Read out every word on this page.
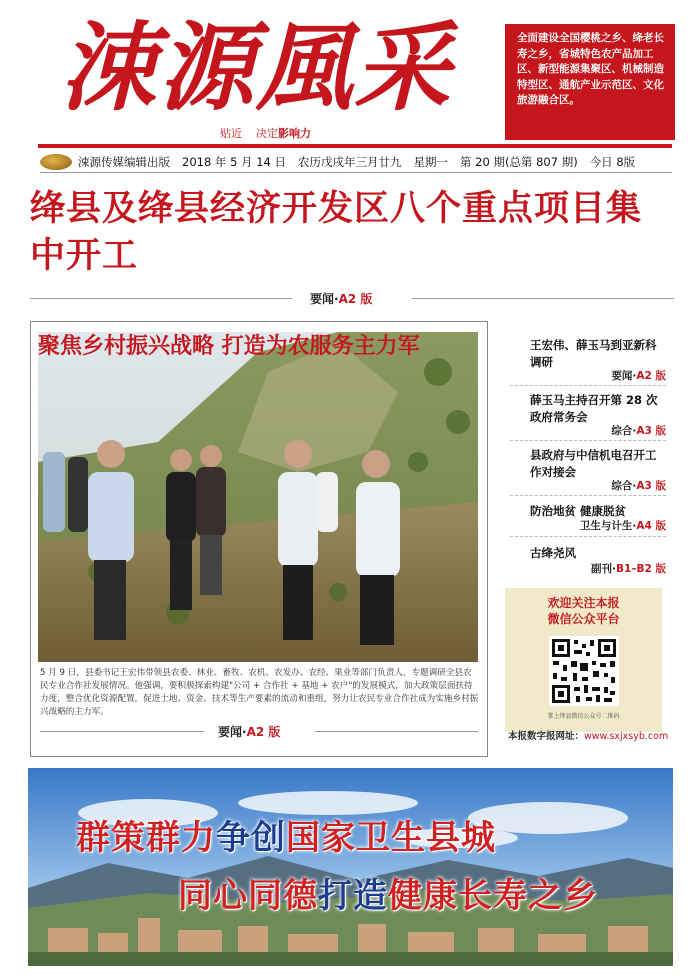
涑源風采
贴近 决定影响力
全面建设全国樱桃之乡、绛老长寿之乡，省城特色农产品加工区、新型能源集聚区、机械制造特型区、通航产业示范区、文化旅游融合区。
涑源传媒编辑出版 2018 年 5 月 14 日 农历戊戌年三月廿九 星期一 第 20 期(总第 807 期) 今日 8版
绛县及绛县经济开发区八个重点项目集中开工
要闻·A2 版
聚焦乡村振兴战略 打造为农服务主力军
5 月 9 日，县委书记王宏伟带领县农委、林业、畜牧、农机、农发办、农经、果业等部门负责人，专题调研全县农民专业合作社发展情况。他强调，要积极探索构建"公司 + 合作社 + 基地 + 农户"的发展模式，加大政策层面扶持力度，整合优化资源配置，促进土地、资金、技术等生产要素的流动和重组，努力让农民专业合作社成为实施乡村振兴战略的主力军。
要闻·A2 版
王宏伟、薛玉马到亚新科调研
要闻·A2 版
薛玉马主持召开第 28 次政府常务会
综合·A3 版
县政府与中信机电召开工作对接会
综合·A3 版
防治地贫 健康脱贫
卫生与计生·A4 版
古绛尧风
副刊·B1–B2 版
欢迎关注本报
微信公众平台
掌上绛县微信公众号二维码
本报数字报网址：www.sxjxsyb.com
群策群力争创国家卫生县城
同心同德打造健康长寿之乡
